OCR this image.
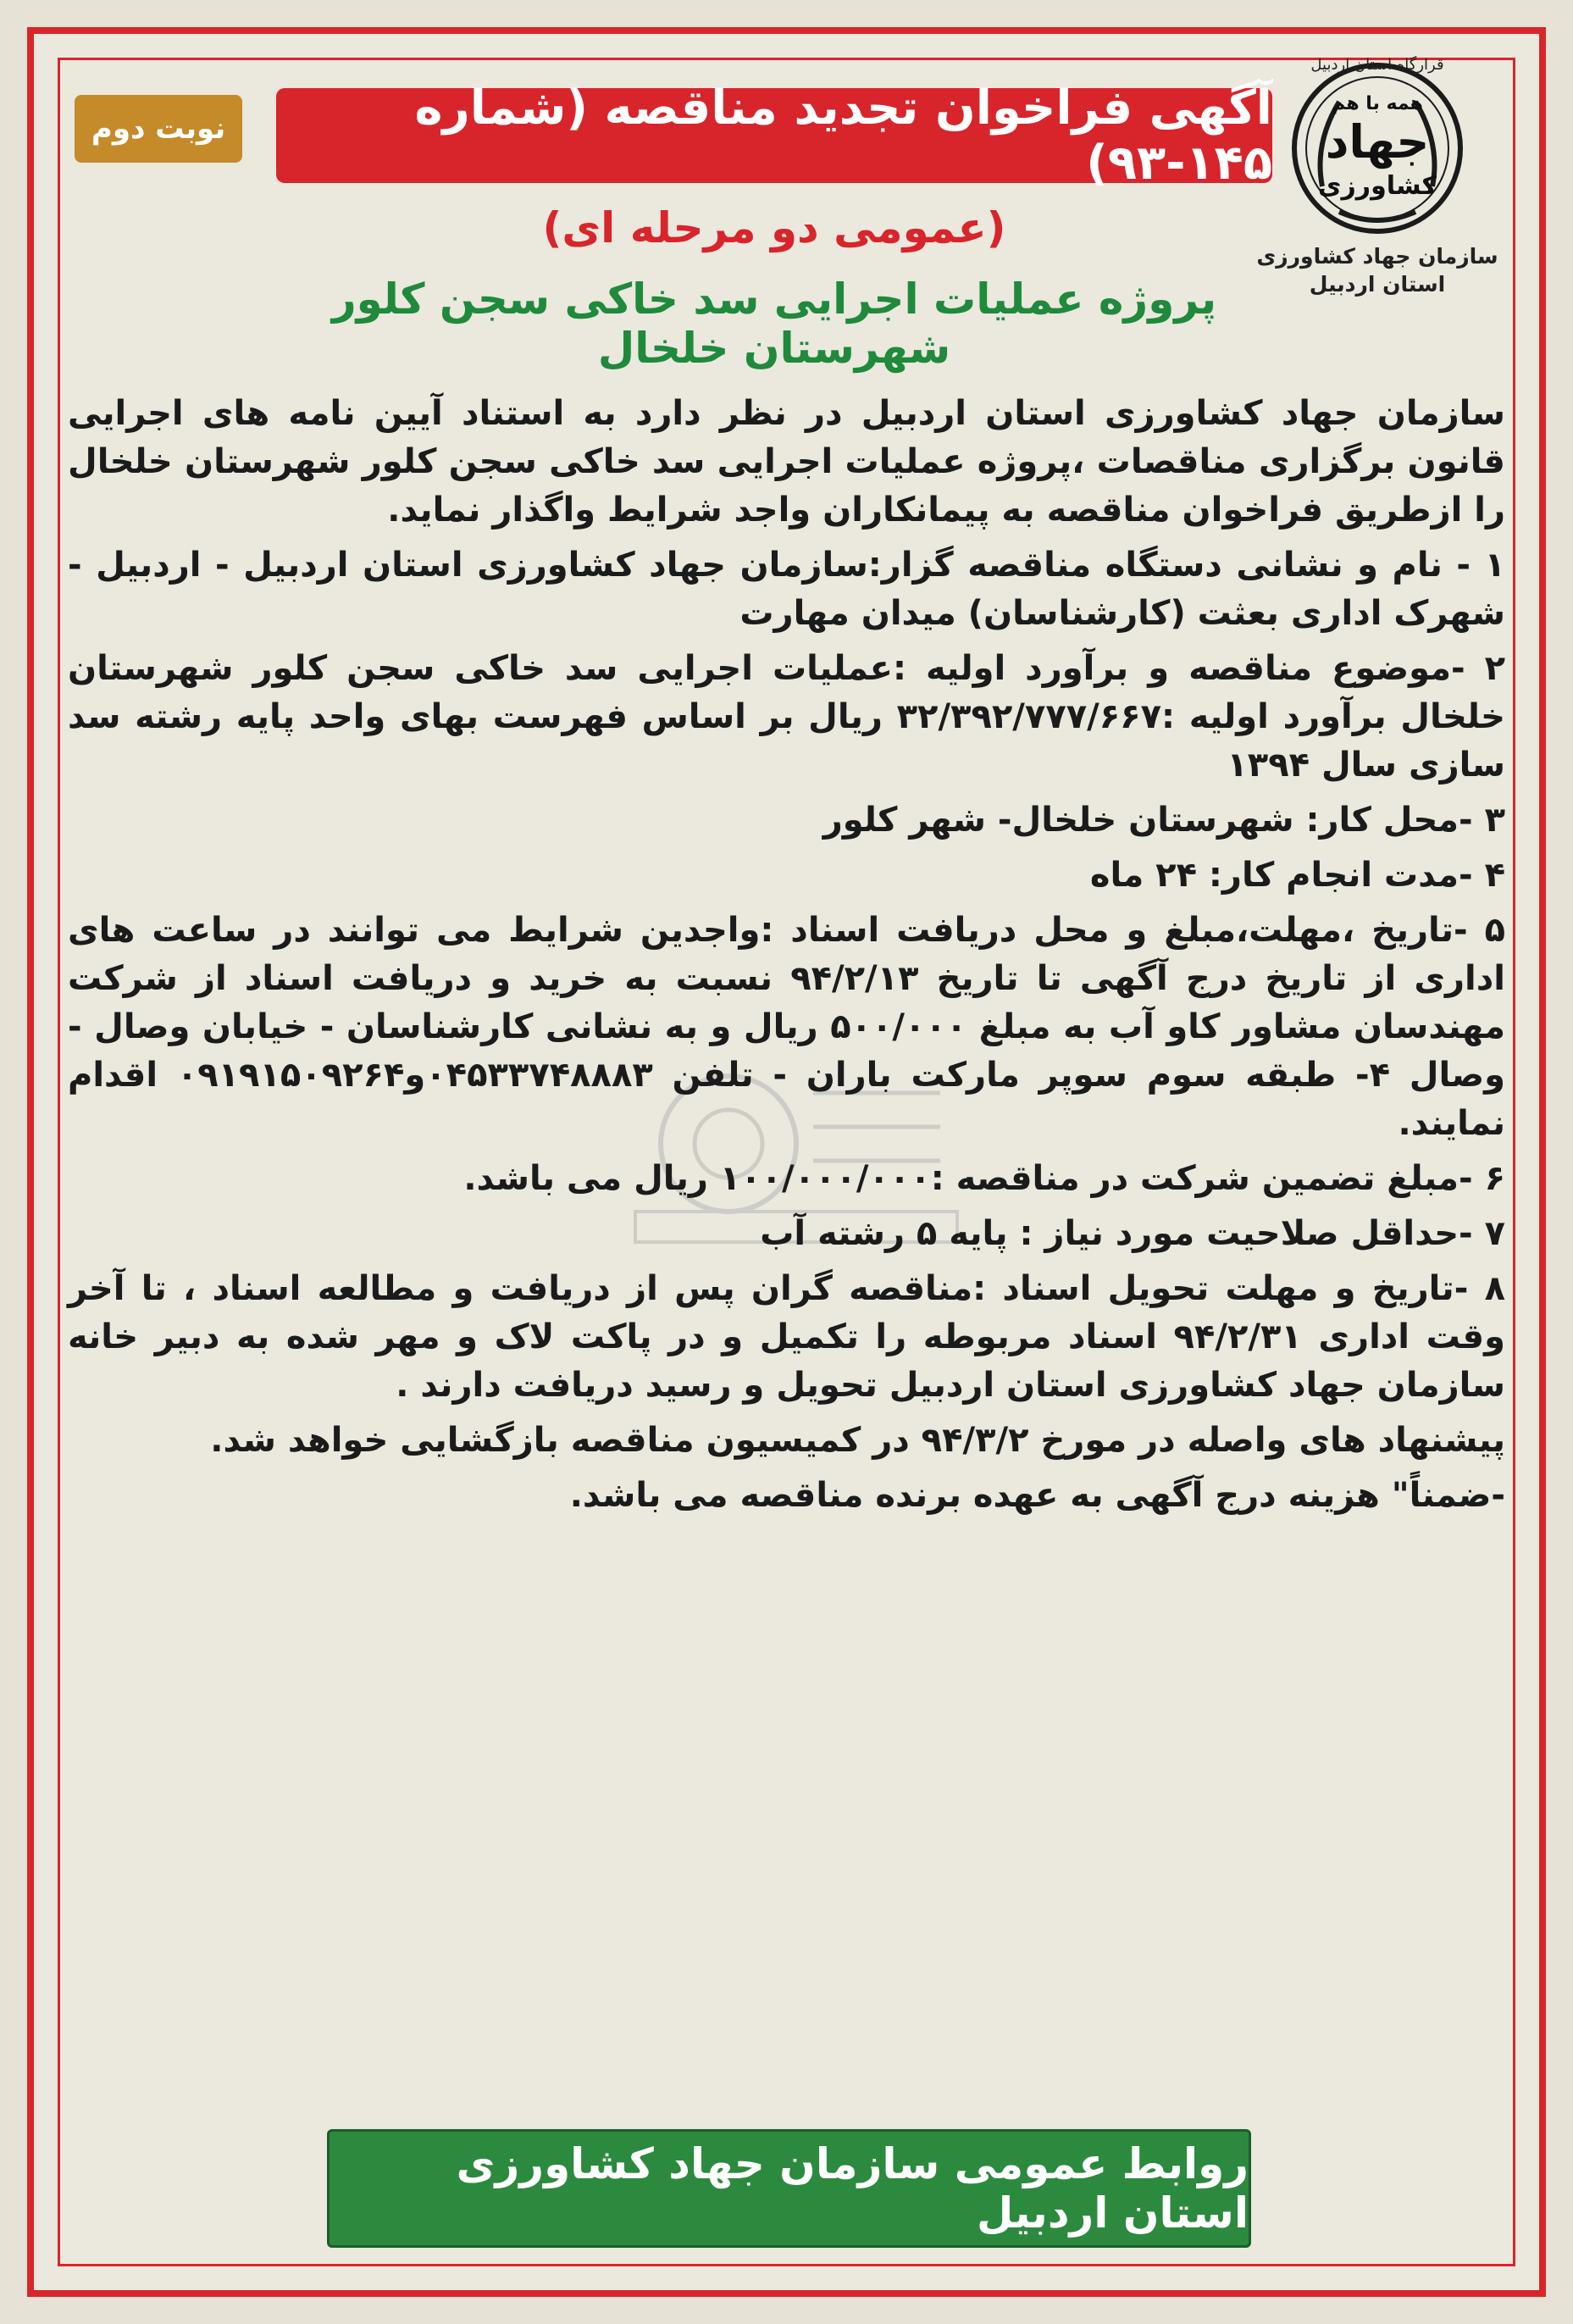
قرارگاه استان اردبیل
همه با هم
جهاد
کشاورزی
سازمان جهاد کشاورزی
استان اردبیل
آگهی فراخوان تجدید مناقصه (شماره ۱۴۵-۹۳)
نوبت دوم
(عمومی دو مرحله ای)
پروژه عملیات اجرایی سد خاکی سجن کلور شهرستان خلخال

سازمان جهاد کشاورزی استان اردبیل در نظر دارد به استناد آیین نامه های اجرایی قانون برگزاری مناقصات ،پروژه عملیات اجرایی سد خاکی سجن کلور شهرستان خلخال را ازطریق فراخوان مناقصه به پیمانکاران واجد شرایط واگذار نماید.

۱ - نام و نشانی دستگاه مناقصه گزار:سازمان جهاد کشاورزی استان اردبیل - اردبیل - شهرک اداری بعثت (کارشناسان) میدان مهارت

۲ -موضوع مناقصه و برآورد اولیه :عملیات اجرایی سد خاکی سجن کلور شهرستان خلخال برآورد اولیه :۳۲/۳۹۲/۷۷۷/۶۶۷ ریال بر اساس فهرست بهای واحد پایه رشته سد سازی سال ۱۳۹۴

۳ -محل کار: شهرستان خلخال- شهر کلور

۴ -مدت انجام کار: ۲۴ ماه

۵ -تاریخ ،مهلت،مبلغ و محل دریافت اسناد :واجدین شرایط می توانند در ساعت های اداری از تاریخ درج آگهی تا تاریخ ۹۴/۲/۱۳ نسبت به خرید و دریافت اسناد از شرکت مهندسان مشاور کاو آب به مبلغ ۵۰۰/۰۰۰ ریال و به نشانی کارشناسان - خیابان وصال - وصال ۴- طبقه سوم سوپر مارکت باران - تلفن ۰۴۵۳۳۷۴۸۸۸۳و۰۹۱۹۱۵۰۹۲۶۴ اقدام نمایند.

۶ -مبلغ تضمین شرکت در مناقصه :۱۰۰/۰۰۰/۰۰۰ ریال می باشد.

۷ -حداقل صلاحیت مورد نیاز : پایه ۵ رشته آب

۸ -تاریخ و مهلت تحویل اسناد :مناقصه گران پس از دریافت و مطالعه اسناد ، تا آخر وقت اداری ۹۴/۲/۳۱ اسناد مربوطه را تکمیل و در پاکت لاک و مهر شده به دبیر خانه سازمان جهاد کشاورزی استان اردبیل تحویل و رسید دریافت دارند .

پیشنهاد های واصله در مورخ ۹۴/۳/۲ در کمیسیون مناقصه بازگشایی خواهد شد.

-ضمناً" هزینه درج آگهی به عهده برنده مناقصه می باشد.

روابط عمومی سازمان جهاد کشاورزی استان اردبیل
